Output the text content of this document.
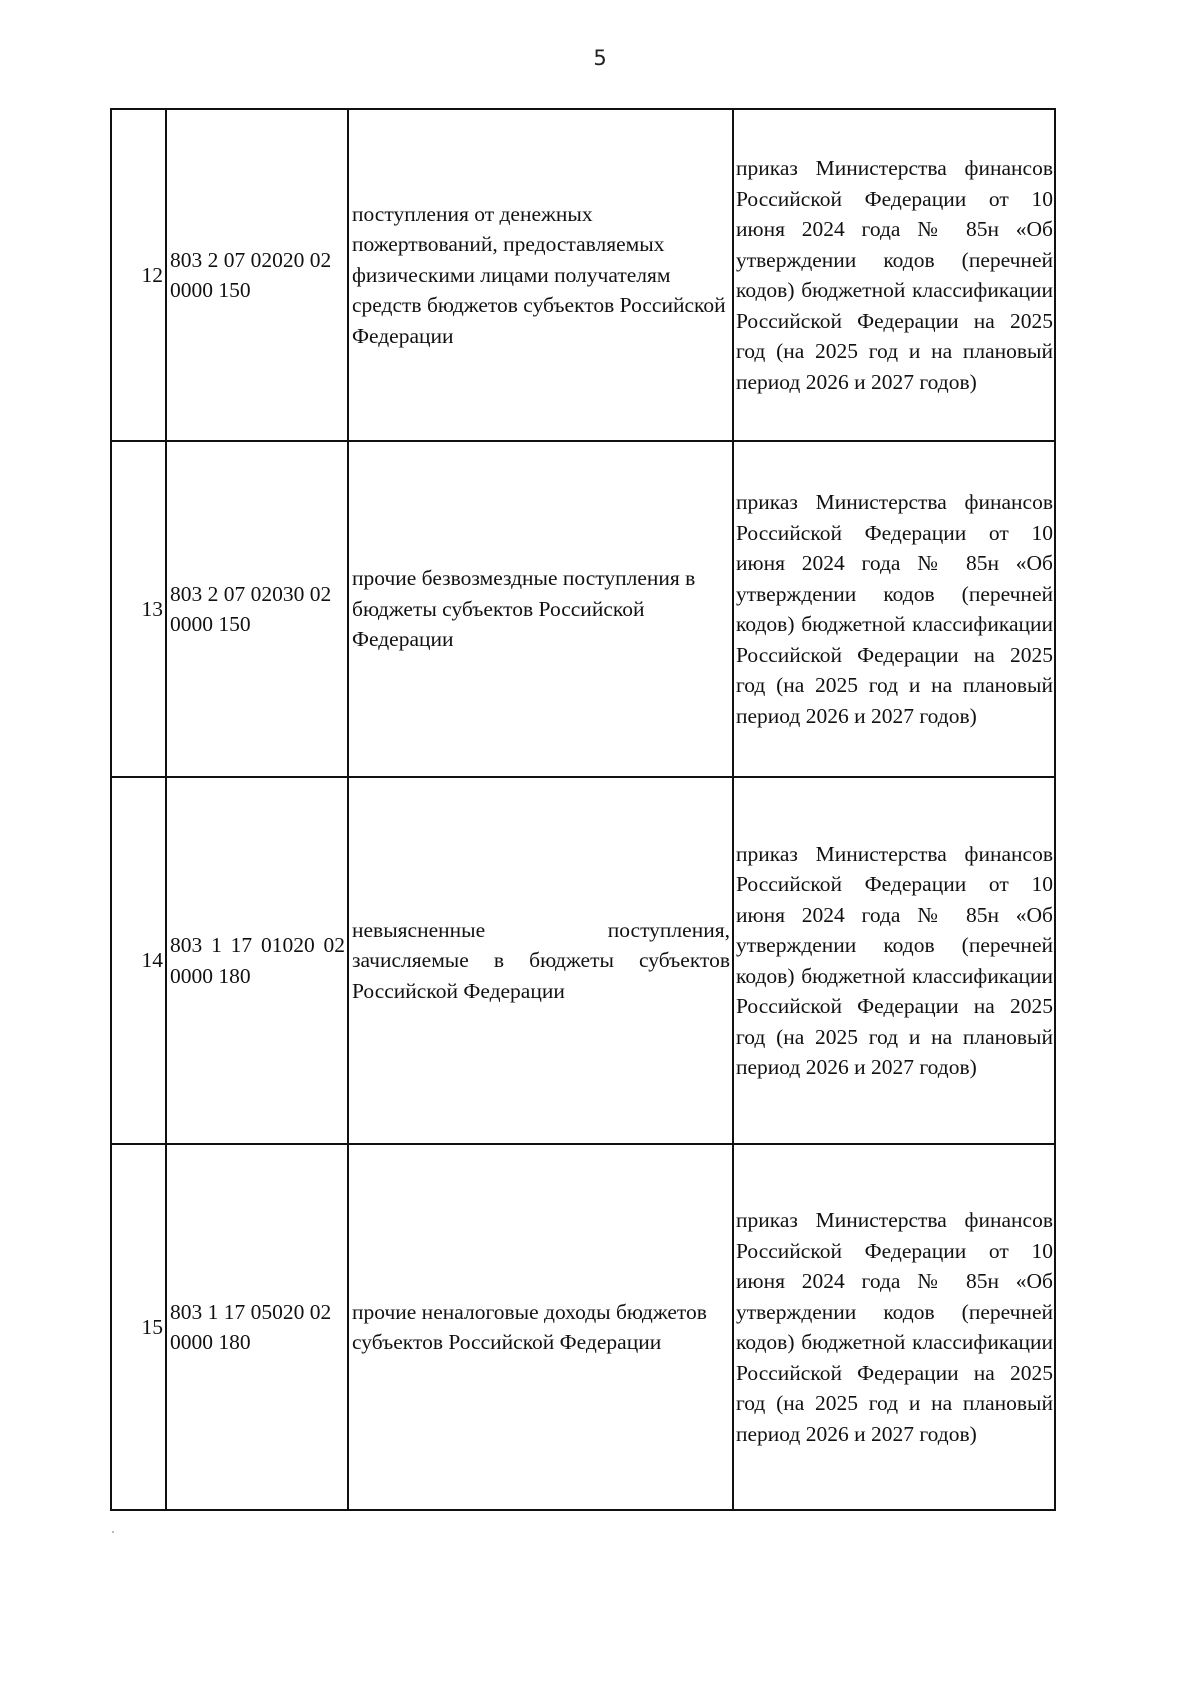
5
12	803 2 07 02020 02 0000 150	поступления от денежных пожертвований, предоставляемых физическими лицами получателям средств бюджетов субъектов Российской Федерации	приказ Министерства финансов Российской Федерации от 10 июня 2024 года № 85н «Об утверждении кодов (перечней кодов) бюджетной классификации Российской Федерации на 2025 год (на 2025 год и на плановый период 2026 и 2027 годов)

13	803 2 07 02030 02 0000 150	прочие безвозмездные поступления в бюджеты субъектов Российской Федерации	приказ Министерства финансов Российской Федерации от 10 июня 2024 года № 85н «Об утверждении кодов (перечней кодов) бюджетной классификации Российской Федерации на 2025 год (на 2025 год и на плановый период 2026 и 2027 годов)

14	803 1 17 01020 02 0000 180	невыясненные поступления, зачисляемые в бюджеты субъектов Российской Федерации	приказ Министерства финансов Российской Федерации от 10 июня 2024 года № 85н «Об утверждении кодов (перечней кодов) бюджетной классификации Российской Федерации на 2025 год (на 2025 год и на плановый период 2026 и 2027 годов)

15	803 1 17 05020 02 0000 180	прочие неналоговые доходы бюджетов субъектов Российской Федерации	приказ Министерства финансов Российской Федерации от 10 июня 2024 года № 85н «Об утверждении кодов (перечней кодов) бюджетной классификации Российской Федерации на 2025 год (на 2025 год и на плановый период 2026 и 2027 годов)
